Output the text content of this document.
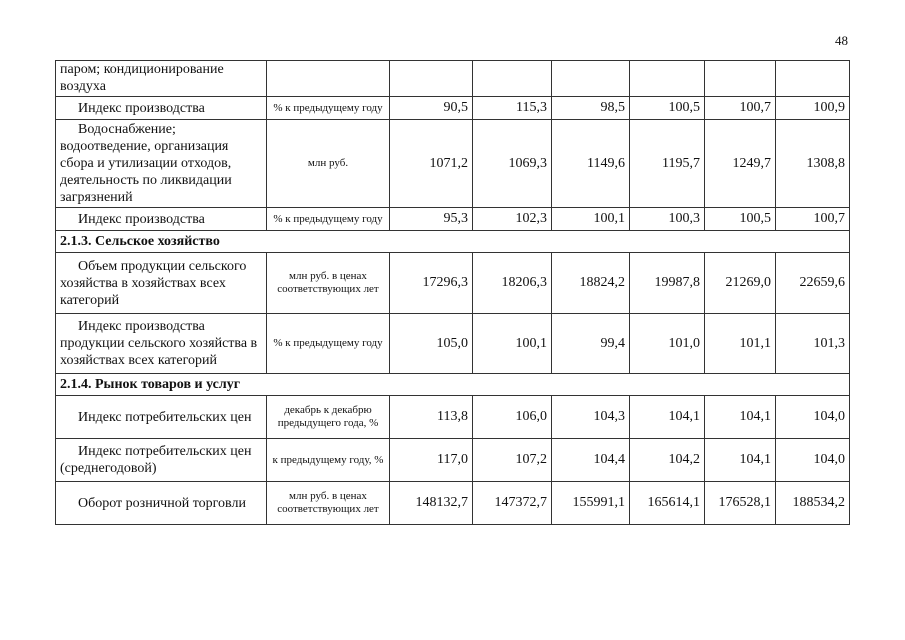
48
паром; кондиционирование воздуха							

Индекс производства	% к предыдущему году	90,5	115,3	98,5	100,5	100,7	100,9

Водоснабжение; водоотведение, организация сбора и утилизации отходов, деятельность по ликвидации загрязнений	млн руб.	1071,2	1069,3	1149,6	1195,7	1249,7	1308,8

Индекс производства	% к предыдущему году	95,3	102,3	100,1	100,3	100,5	100,7
2.1.3. Сельское хозяйство							

Объем продукции сельского хозяйства в хозяйствах всех категорий	млн руб. в ценах соответствующих лет	17296,3	18206,3	18824,2	19987,8	21269,0	22659,6

Индекс производства продукции сельского хозяйства в хозяйствах всех категорий	% к предыдущему году	105,0	100,1	99,4	101,0	101,1	101,3
2.1.4. Рынок товаров и услуг							

Индекс потребительских цен	декабрь к декабрю предыдущего года, %	113,8	106,0	104,3	104,1	104,1	104,0

Индекс потребительских цен (среднегодовой)	к предыдущему году, %	117,0	107,2	104,4	104,2	104,1	104,0

Оборот розничной торговли	млн руб. в ценах соответствующих лет	148132,7	147372,7	155991,1	165614,1	176528,1	188534,2
